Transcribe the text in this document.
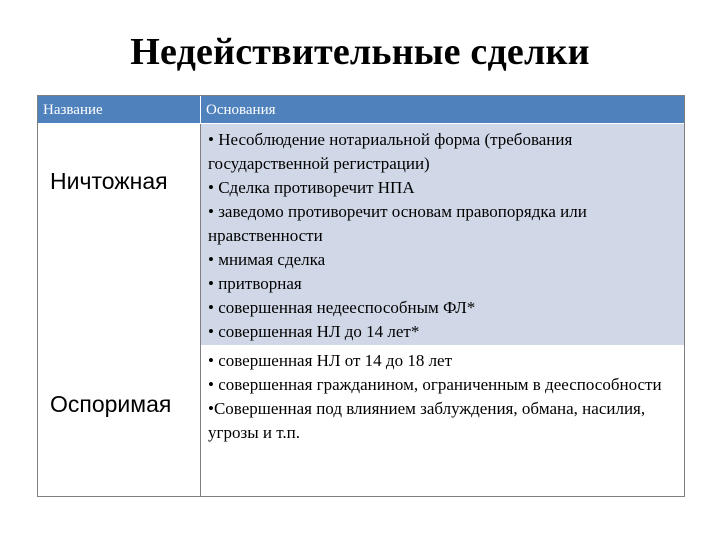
Недействительные сделки
Название	Основания
Ничтожная

• Несоблюдение нотариальной форма (требования государственной регистрации)

• Сделка противоречит НПА

• заведомо противоречит основам правопорядка или нравственности

• мнимая сделка

• притворная

• совершенная недееспособным ФЛ*

• совершенная НЛ до 14 лет*

Оспоримая

• совершенная НЛ от 14 до 18 лет

• совершенная гражданином, ограниченным в дееспособности

•Совершенная под влиянием заблуждения, обмана, насилия, угрозы и т.п.
